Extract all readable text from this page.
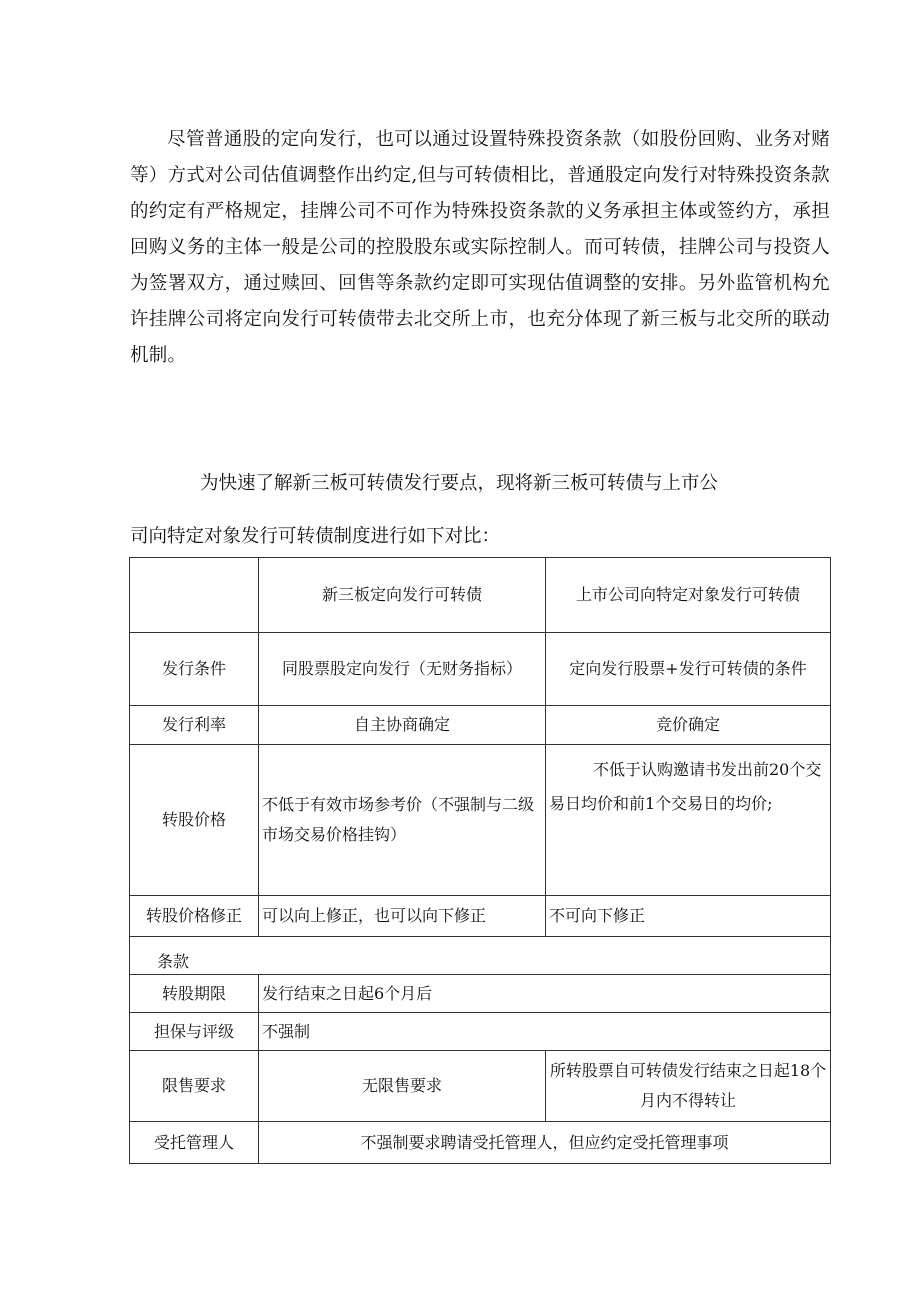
尽管普通股的定向发行，也可以通过设置特殊投资条款（如股份回购、业务对赌等）方式对公司估值调整作出约定,但与可转债相比，普通股定向发行对特殊投资条款的约定有严格规定，挂牌公司不可作为特殊投资条款的义务承担主体或签约方，承担回购义务的主体一般是公司的控股股东或实际控制人。而可转债，挂牌公司与投资人为签署双方，通过赎回、回售等条款约定即可实现估值调整的安排。另外监管机构允许挂牌公司将定向发行可转债带去北交所上市，也充分体现了新三板与北交所的联动机制。

为快速了解新三板可转债发行要点，现将新三板可转债与上市公

司向特定对象发行可转债制度进行如下对比：

	新三板定向发行可转债	上市公司向特定对象发行可转债
发行条件	同股票股定向发行（无财务指标）	定向发行股票+发行可转债的条件
发行利率	自主协商确定	竞价确定
转股价格	不低于有效市场参考价（不强制与二级市场交易价格挂钩）	不低于认购邀请书发出前20个交易日均价和前1个交易日的均价;

转股价格修正	可以向上修正，也可以向下修正	不可向下修正

条款		

转股期限	发行结束之日起6个月后	
担保与评级	不强制	
限售要求	无限售要求	所转股票自可转债发行结束之日起18个月内不得转让
受托管理人	不强制要求聘请受托管理人，但应约定受托管理事项	
